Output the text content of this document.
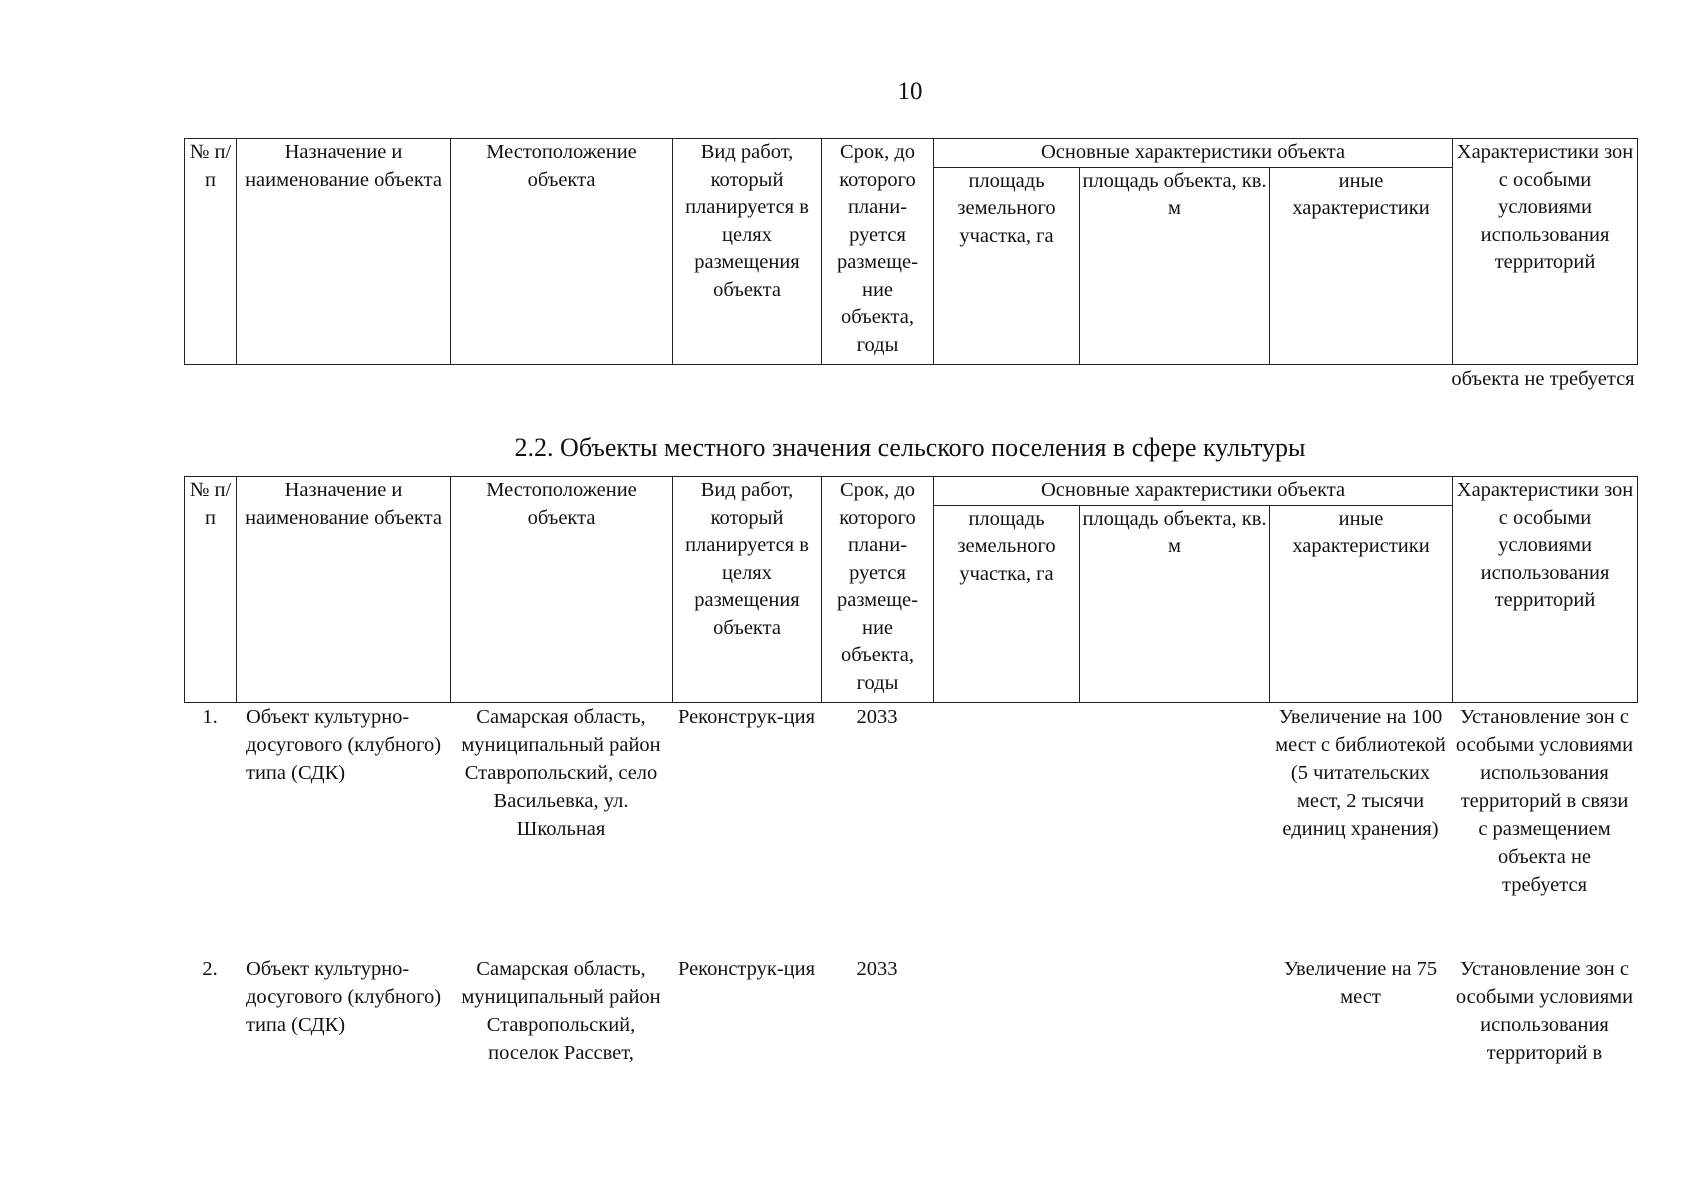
10
№ п/п	Назначение и наименование объекта	Местоположение объекта	Вид работ, который планируется в целях размещения объекта	Срок, до которого плани-руется размеще-ние объекта, годы	Основные характеристики объекта			Характеристики зон с особыми условиями использования территорий
					площадь земельного участка, га	площадь объекта, кв. м	иные характеристики	
объекта не требуется
2.2. Объекты местного значения сельского поселения в сфере культуры
№ п/п	Назначение и наименование объекта	Местоположение объекта	Вид работ, который планируется в целях размещения объекта	Срок, до которого плани-руется размеще-ние объекта, годы	Основные характеристики объекта			Характеристики зон с особыми условиями использования территорий
					площадь земельного участка, га	площадь объекта, кв. м	иные характеристики	
1.	Объект культурно-досугового (клубного) типа (СДК)	Самарская область, муниципальный район Ставропольский, село Васильевка, ул. Школьная	Реконструк-ция	2033			Увеличение на 100 мест с библиотекой (5 читательских мест, 2 тысячи единиц хранения)	Установление зон с особыми условиями использования территорий в связи с размещением объекта не требуется
2.	Объект культурно-досугового (клубного) типа (СДК)	Самарская область, муниципальный район Ставропольский, поселок Рассвет,	Реконструк-ция	2033			Увеличение на 75 мест	Установление зон с особыми условиями использования территорий в
